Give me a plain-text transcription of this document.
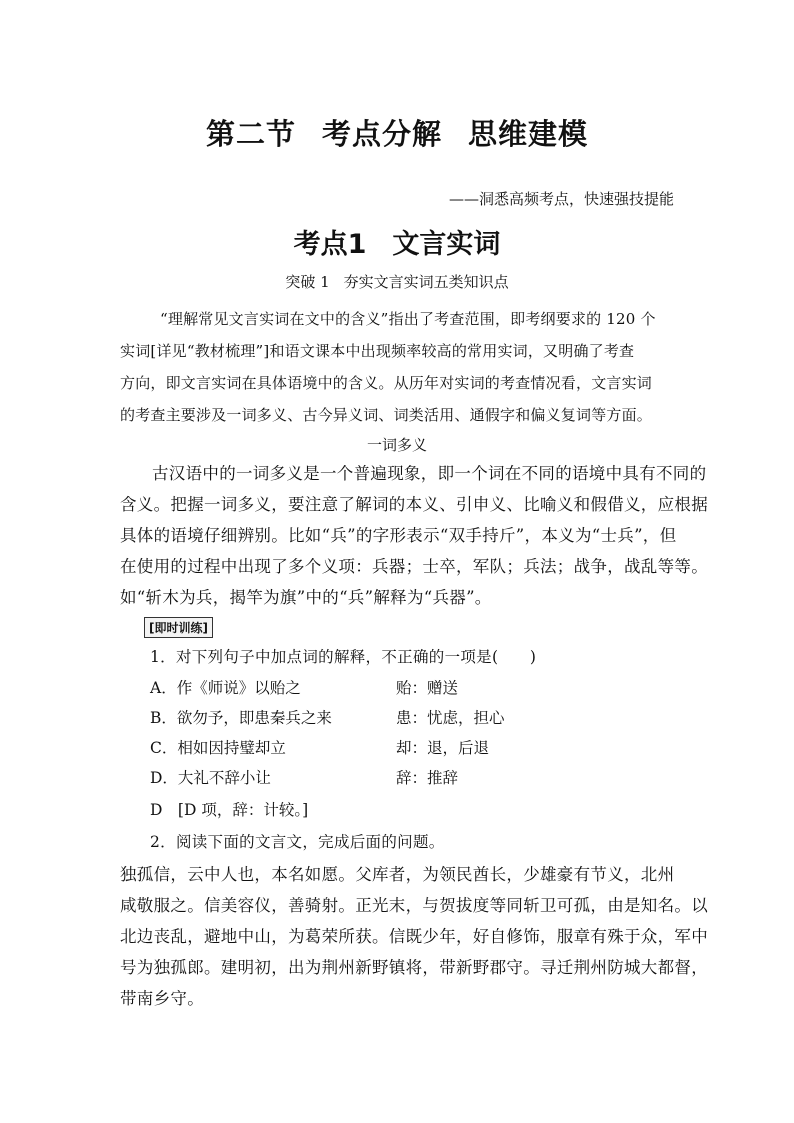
第二节 考点分解 思维建模
——洞悉高频考点，快速强技提能
考点1 文言实词
突破 1 夯实文言实词五类知识点
“理解常见文言实词在文中的含义”指出了考查范围，即考纲要求的 120 个
实词[详见“教材梳理”]和语文课本中出现频率较高的常用实词，又明确了考查
方向，即文言实词在具体语境中的含义。从历年对实词的考查情况看，文言实词
的考查主要涉及一词多义、古今异义词、词类活用、通假字和偏义复词等方面。
一词多义
古汉语中的一词多义是一个普遍现象，即一个词在不同的语境中具有不同的
含义。把握一词多义，要注意了解词的本义、引申义、比喻义和假借义，应根据
具体的语境仔细辨别。比如“兵”的字形表示“双手持斤”，本义为“士兵”，但
在使用的过程中出现了多个义项：兵器；士卒，军队；兵法；战争，战乱等等。
如“斩木为兵，揭竿为旗”中的“兵”解释为“兵器”。
[即时训练]
1．对下列句子中加点词的解释，不正确的一项是(　　)
A．作《师说》以贻之	贻：赠送
B．欲勿予，即患秦兵之来	患：忧虑，担心
C．相如因持璧却立	却：退，后退
D．大礼不辞小让	辞：推辞
D　[D 项，辞：计较。]
2．阅读下面的文言文，完成后面的问题。
独孤信，云中人也，本名如愿。父库者，为领民酋长，少雄豪有节义，北州
咸敬服之。信美容仪，善骑射。正光末，与贺拔度等同斩卫可孤，由是知名。以
北边丧乱，避地中山，为葛荣所获。信既少年，好自修饰，服章有殊于众，军中
号为独孤郎。建明初，出为荆州新野镇将，带新野郡守。寻迁荆州防城大都督，
带南乡守。
